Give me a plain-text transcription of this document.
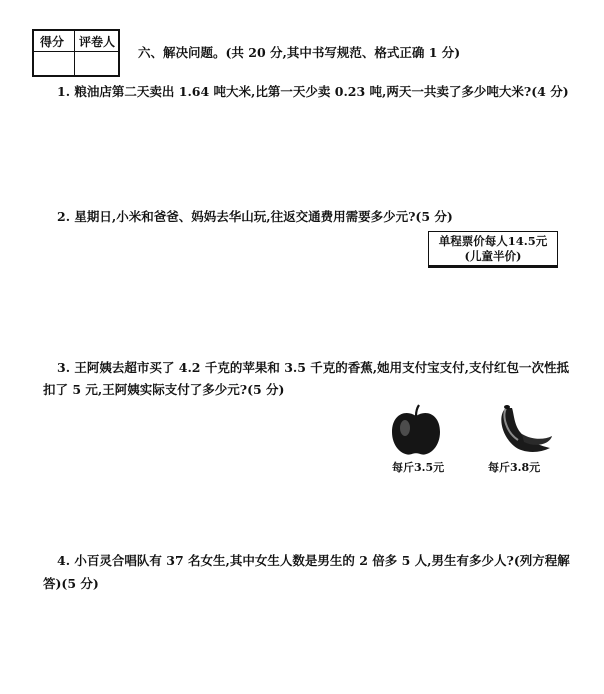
得分 评卷人
六、解决问题。(共 20 分,其中书写规范、格式正确 1 分)
1. 粮油店第二天卖出 1.64 吨大米,比第一天少卖 0.23 吨,两天一共卖了多少吨大米?(4 分)
2. 星期日,小米和爸爸、妈妈去华山玩,往返交通费用需要多少元?(5 分)
单程票价每人14.5元
(儿童半价)
3. 王阿姨去超市买了 4.2 千克的苹果和 3.5 千克的香蕉,她用支付宝支付,支付红包一次性抵
扣了 5 元,王阿姨实际支付了多少元?(5 分)
每斤3.5元	每斤3.8元
4. 小百灵合唱队有 37 名女生,其中女生人数是男生的 2 倍多 5 人,男生有多少人?(列方程解
答)(5 分)
